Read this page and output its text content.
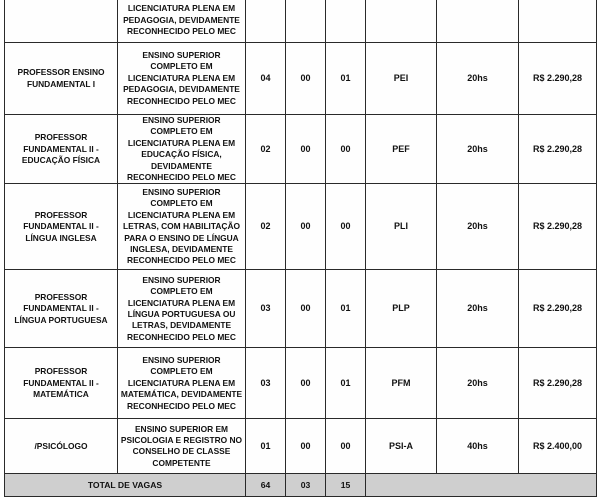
	LICENCIATURA PLENA EM PEDAGOGIA, DEVIDAMENTE RECONHECIDO PELO MEC						
PROFESSOR ENSINO FUNDAMENTAL I	ENSINO SUPERIOR COMPLETO EM LICENCIATURA PLENA EM PEDAGOGIA, DEVIDAMENTE RECONHECIDO PELO MEC	04	00	01	PEI	20hs	R$ 2.290,28
PROFESSOR FUNDAMENTAL II - EDUCAÇÃO FÍSICA	ENSINO SUPERIOR COMPLETO EM LICENCIATURA PLENA EM EDUCAÇÃO FÍSICA, DEVIDAMENTE RECONHECIDO PELO MEC	02	00	00	PEF	20hs	R$ 2.290,28
PROFESSOR FUNDAMENTAL II - LÍNGUA INGLESA	ENSINO SUPERIOR COMPLETO EM LICENCIATURA PLENA EM LETRAS, COM HABILITAÇÃO PARA O ENSINO DE LÍNGUA INGLESA, DEVIDAMENTE RECONHECIDO PELO MEC	02	00	00	PLI	20hs	R$ 2.290,28
PROFESSOR FUNDAMENTAL II - LÍNGUA PORTUGUESA	ENSINO SUPERIOR COMPLETO EM LICENCIATURA PLENA EM LÍNGUA PORTUGUESA OU LETRAS, DEVIDAMENTE RECONHECIDO PELO MEC	03	00	01	PLP	20hs	R$ 2.290,28
PROFESSOR FUNDAMENTAL II - MATEMÁTICA	ENSINO SUPERIOR COMPLETO EM LICENCIATURA PLENA EM MATEMÁTICA, DEVIDAMENTE RECONHECIDO PELO MEC	03	00	01	PFM	20hs	R$ 2.290,28
/PSICÓLOGO	ENSINO SUPERIOR EM PSICOLOGIA E REGISTRO NO CONSELHO DE CLASSE COMPETENTE	01	00	00	PSI-A	40hs	R$ 2.400,00
TOTAL DE VAGAS		64	03	15			
